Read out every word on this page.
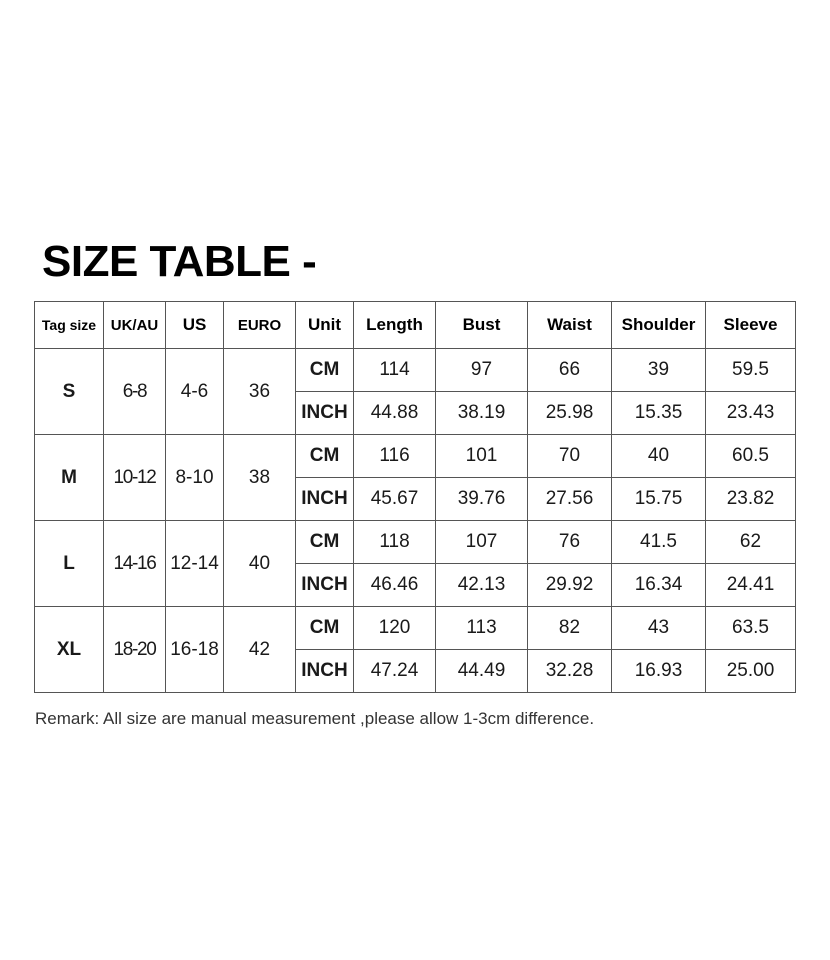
SIZE TABLE -
Tag size	UK/AU	US	EURO	Unit	Length	Bust	Waist	Shoulder	Sleeve
S	6-8	4-6	36	CM	114	97	66	39	59.5
				INCH	44.88	38.19	25.98	15.35	23.43
M	10-12	8-10	38	CM	116	101	70	40	60.5
				INCH	45.67	39.76	27.56	15.75	23.82
L	14-16	12-14	40	CM	118	107	76	41.5	62
				INCH	46.46	42.13	29.92	16.34	24.41
XL	18-20	16-18	42	CM	120	113	82	43	63.5
				INCH	47.24	44.49	32.28	16.93	25.00
Remark: All size are manual measurement ,please allow 1-3cm difference.
